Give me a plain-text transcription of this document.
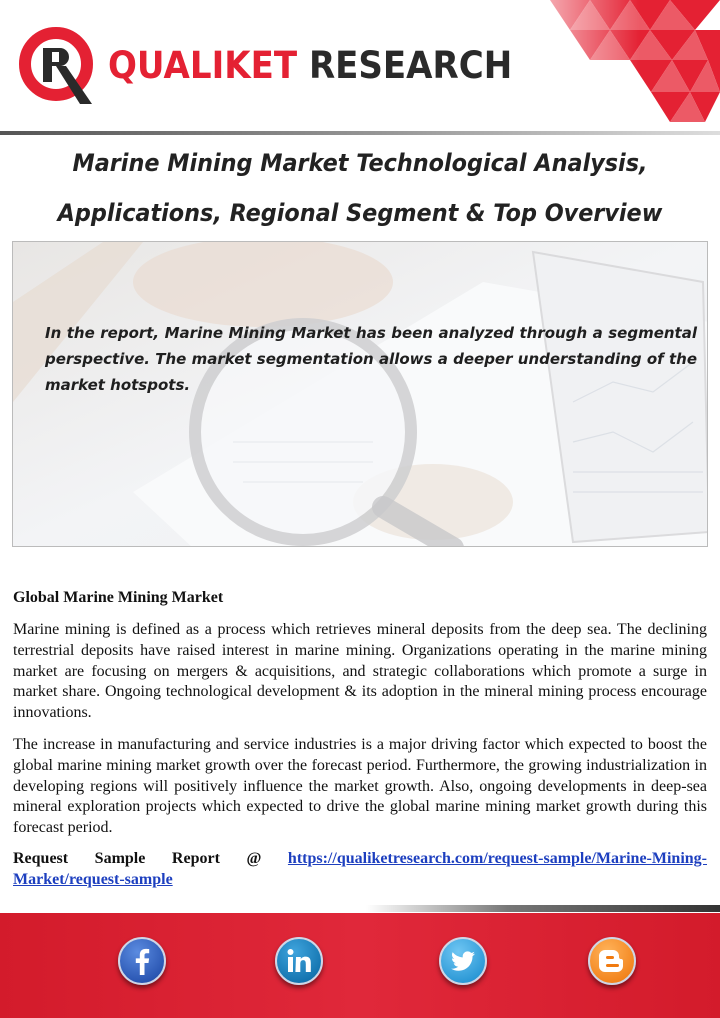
QUALIKET RESEARCH
Marine Mining Market Technological Analysis,
Applications, Regional Segment & Top Overview
In the report, Marine Mining Market has been analyzed through a segmental perspective. The market segmentation allows a deeper understanding of the market hotspots.
Global Marine Mining Market

Marine mining is defined as a process which retrieves mineral deposits from the deep sea. The declining terrestrial deposits have raised interest in marine mining. Organizations operating in the marine mining market are focusing on mergers & acquisitions, and strategic collaborations which promote a surge in market share. Ongoing technological development & its adoption in the mineral mining process encourage innovations.

The increase in manufacturing and service industries is a major driving factor which expected to boost the global marine mining market growth over the forecast period. Furthermore, the growing industrialization in developing regions will positively influence the market growth. Also, ongoing developments in deep-sea mineral exploration projects which expected to drive the global marine mining market growth during this forecast period.

Request Sample Report @ https://qualiketresearch.com/request-sample/Marine-Mining-Market/request-sample
